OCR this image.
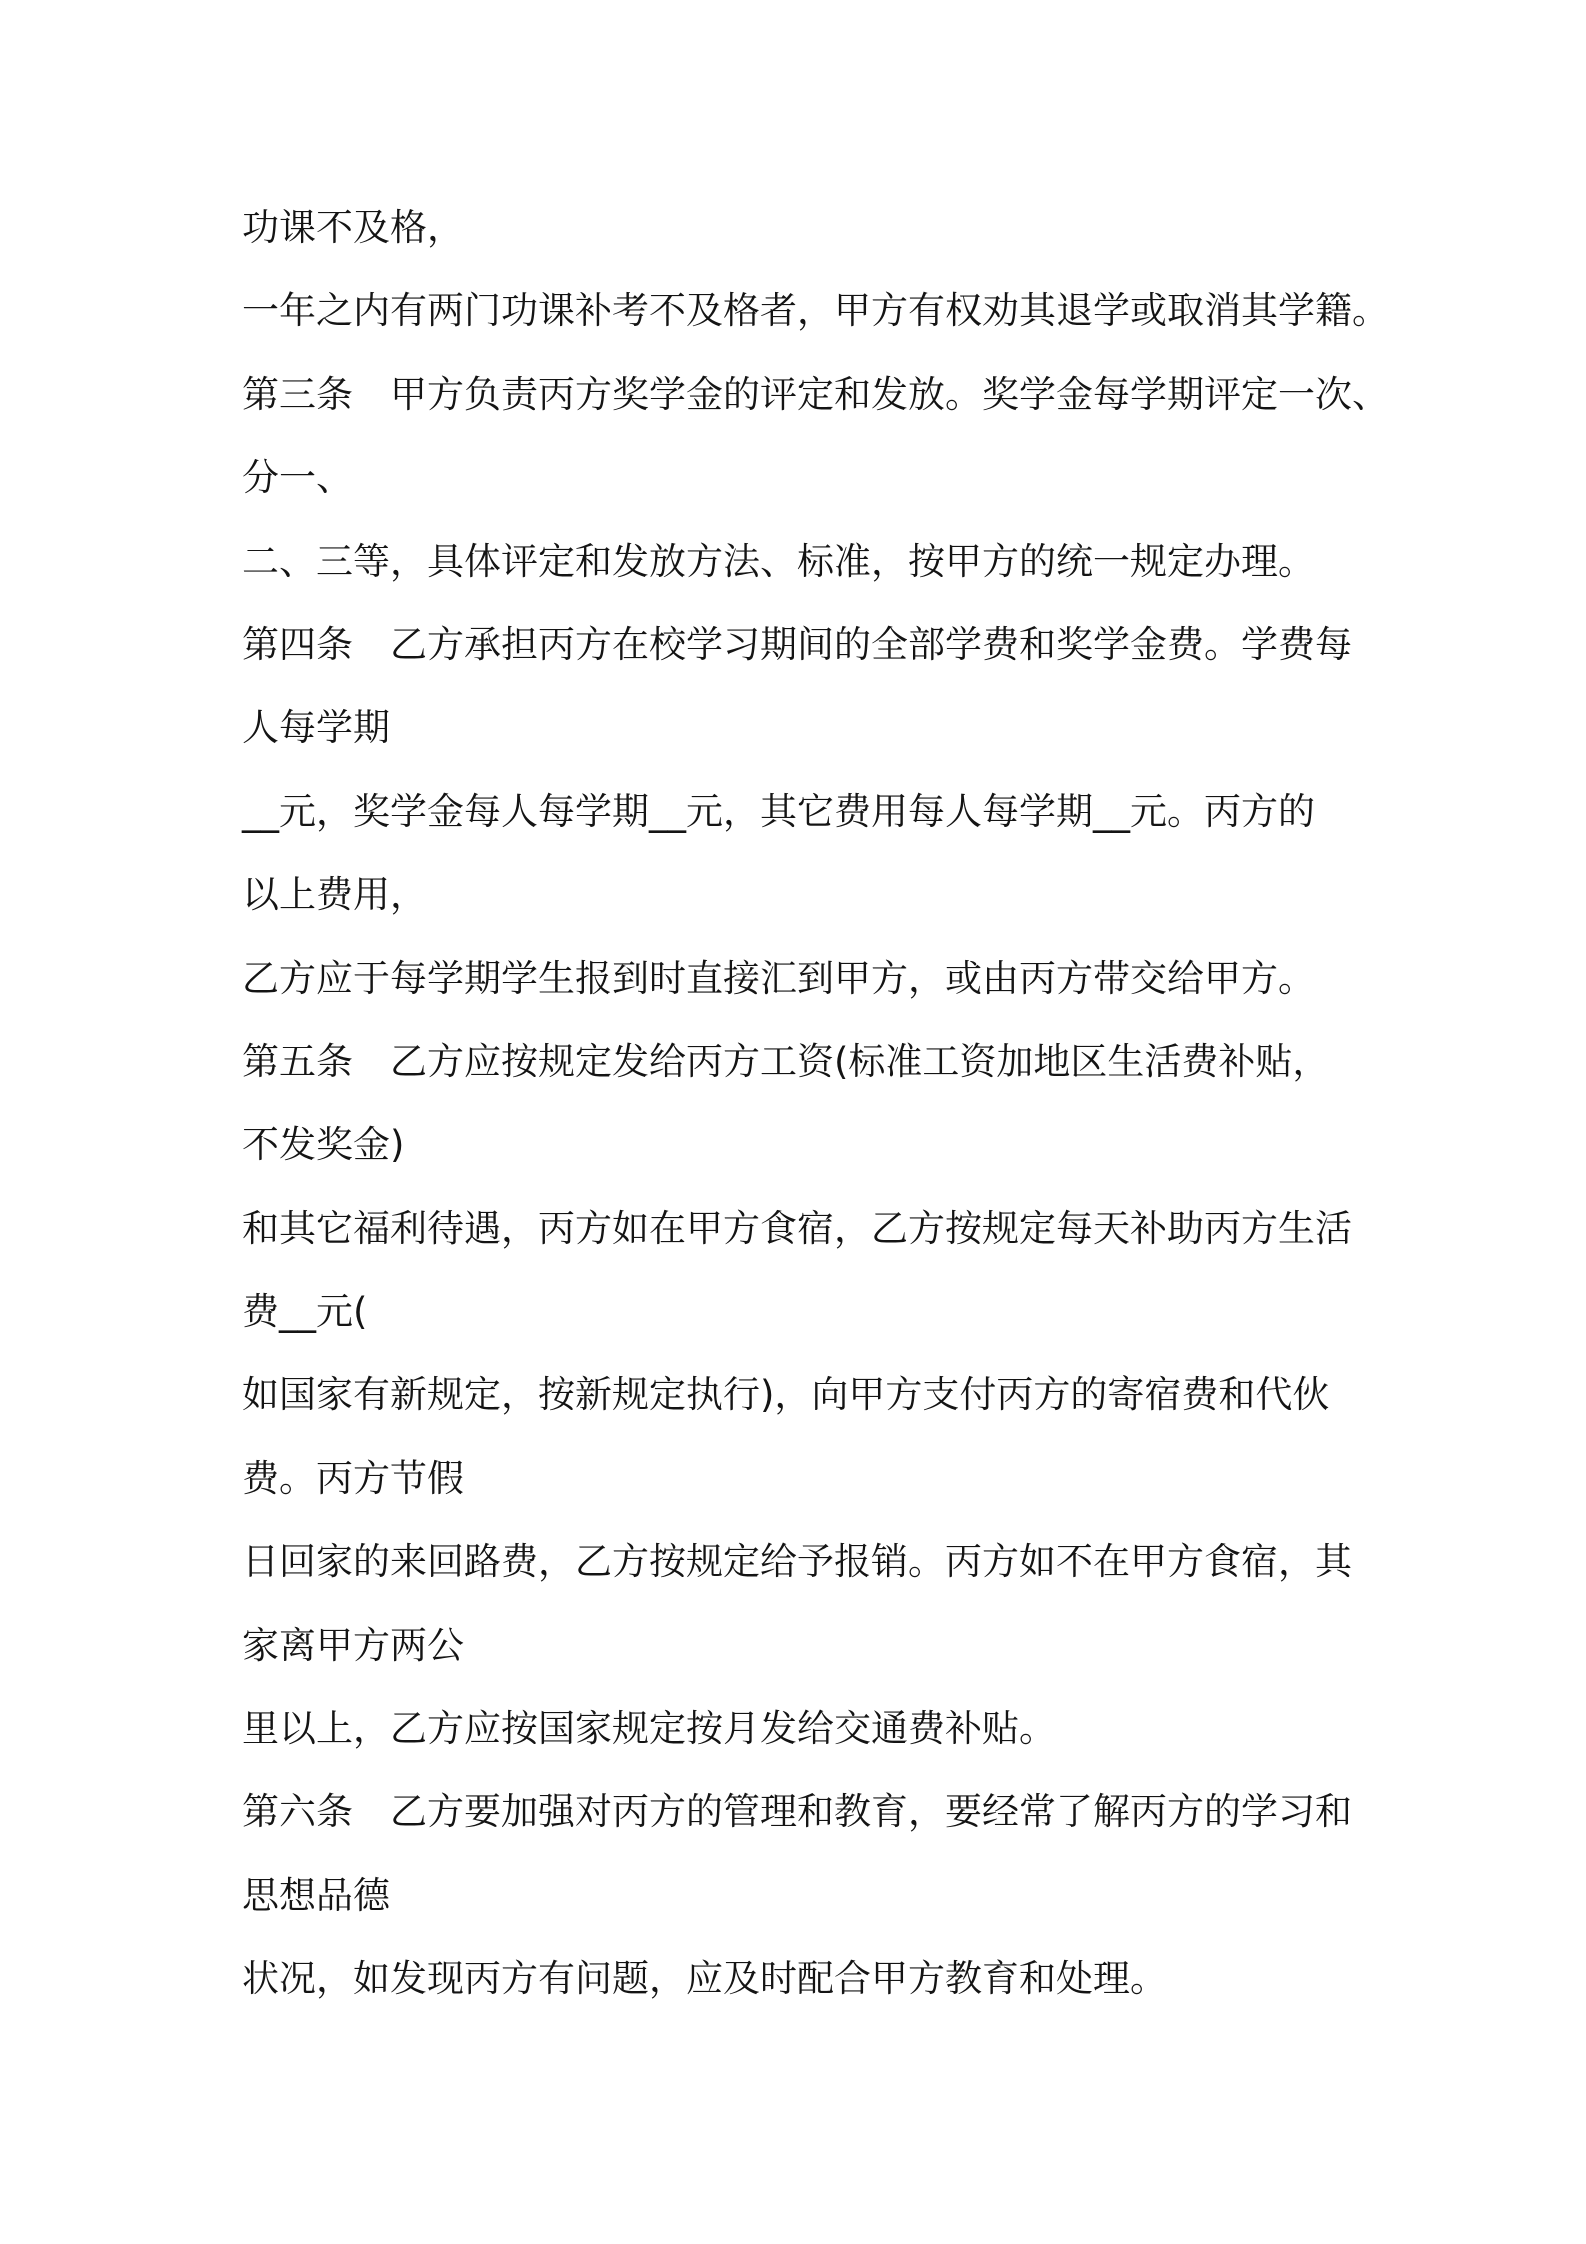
功课不及格，
一年之内有两门功课补考不及格者，甲方有权劝其退学或取消其学籍。
第三条　甲方负责丙方奖学金的评定和发放。奖学金每学期评定一次、
分一、
二、三等，具体评定和发放方法、标准，按甲方的统一规定办理。
第四条　乙方承担丙方在校学习期间的全部学费和奖学金费。学费每
人每学期
__元，奖学金每人每学期__元，其它费用每人每学期__元。丙方的
以上费用，
乙方应于每学期学生报到时直接汇到甲方，或由丙方带交给甲方。
第五条　乙方应按规定发给丙方工资(标准工资加地区生活费补贴，
不发奖金)
和其它福利待遇，丙方如在甲方食宿，乙方按规定每天补助丙方生活
费__元(
如国家有新规定，按新规定执行)，向甲方支付丙方的寄宿费和代伙
费。丙方节假
日回家的来回路费，乙方按规定给予报销。丙方如不在甲方食宿，其
家离甲方两公
里以上，乙方应按国家规定按月发给交通费补贴。
第六条　乙方要加强对丙方的管理和教育，要经常了解丙方的学习和
思想品德
状况，如发现丙方有问题，应及时配合甲方教育和处理。
